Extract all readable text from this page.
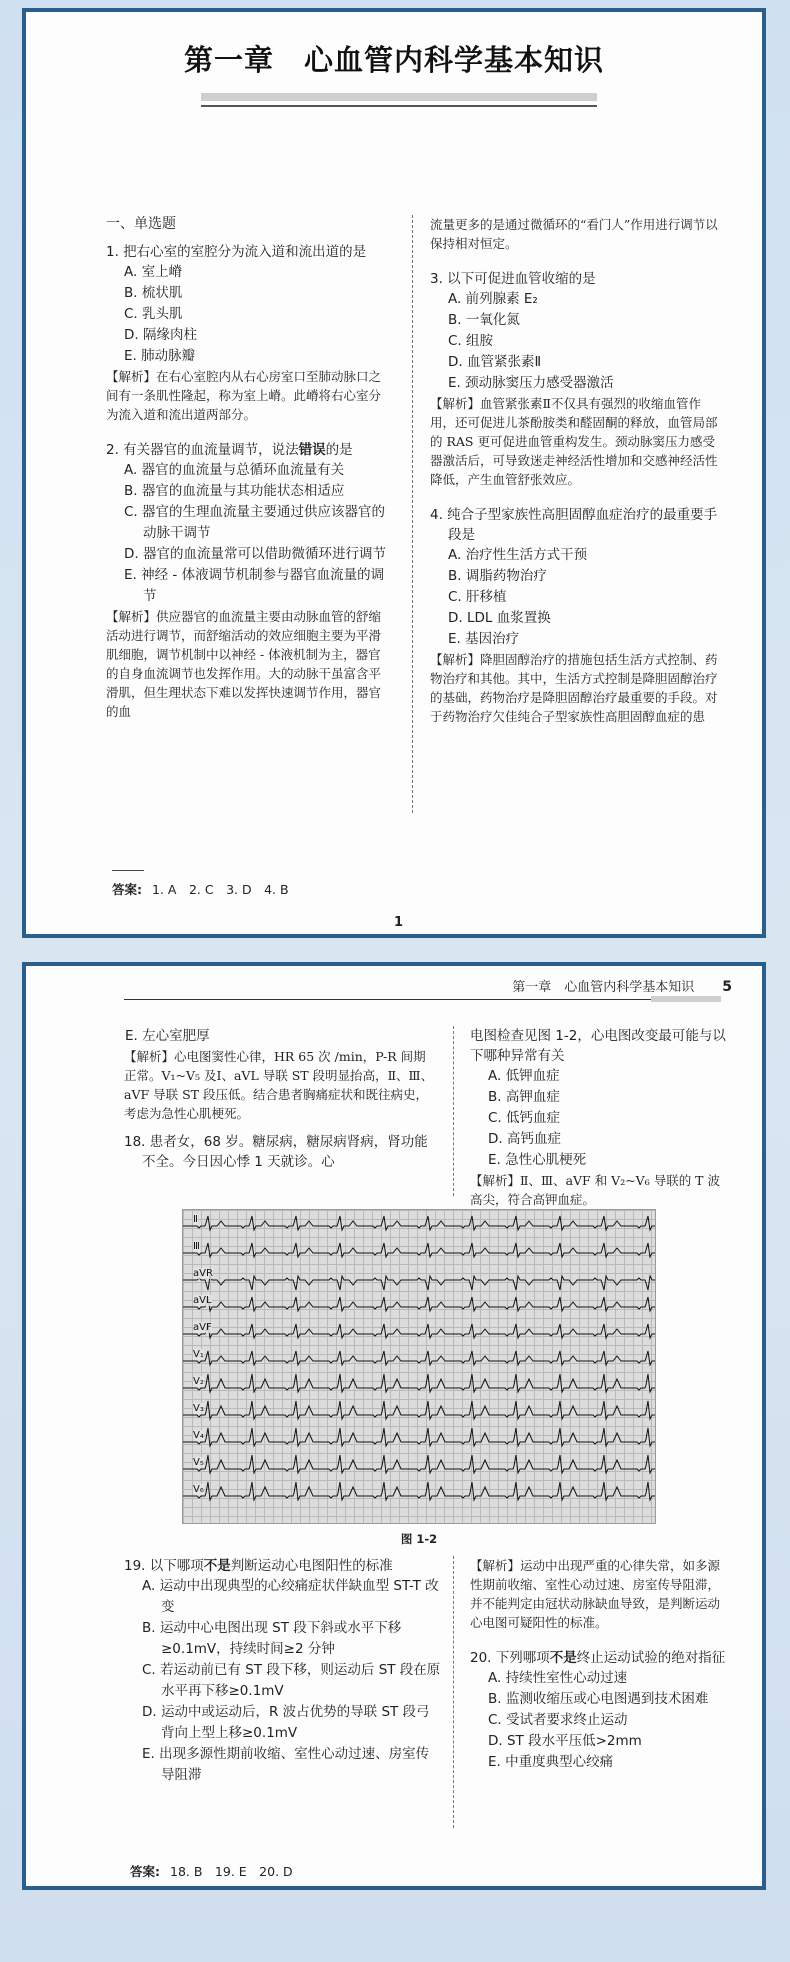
第一章　心血管内科学基本知识

一、单选题

1. 把右心室的室腔分为流入道和流出道的是

A. 室上嵴

B. 梳状肌

C. 乳头肌

D. 隔缘肉柱

E. 肺动脉瓣

【解析】在右心室腔内从右心房室口至肺动脉口之间有一条肌性隆起，称为室上嵴。此嵴将右心室分为流入道和流出道两部分。

2. 有关器官的血流量调节，说法错误的是

A. 器官的血流量与总循环血流量有关

B. 器官的血流量与其功能状态相适应

C. 器官的生理血流量主要通过供应该器官的动脉干调节

D. 器官的血流量常可以借助微循环进行调节

E. 神经 - 体液调节机制参与器官血流量的调节

【解析】供应器官的血流量主要由动脉血管的舒缩活动进行调节，而舒缩活动的效应细胞主要为平滑肌细胞，调节机制中以神经 - 体液机制为主，器官的自身血流调节也发挥作用。大的动脉干虽富含平滑肌，但生理状态下难以发挥快速调节作用，器官的血

流量更多的是通过微循环的“看门人”作用进行调节以保持相对恒定。

3. 以下可促进血管收缩的是

A. 前列腺素 E₂

B. 一氧化氮

C. 组胺

D. 血管紧张素Ⅱ

E. 颈动脉窦压力感受器激活

【解析】血管紧张素Ⅱ不仅具有强烈的收缩血管作用，还可促进儿茶酚胺类和醛固酮的释放，血管局部的 RAS 更可促进血管重构发生。颈动脉窦压力感受器激活后，可导致迷走神经活性增加和交感神经活性降低，产生血管舒张效应。

4. 纯合子型家族性高胆固醇血症治疗的最重要手段是

A. 治疗性生活方式干预

B. 调脂药物治疗

C. 肝移植

D. LDL 血浆置换

E. 基因治疗

【解析】降胆固醇治疗的措施包括生活方式控制、药物治疗和其他。其中，生活方式控制是降胆固醇治疗的基础，药物治疗是降胆固醇治疗最重要的手段。对于药物治疗欠佳纯合子型家族性高胆固醇血症的患

答案: 1. A　2. C　3. D　4. B
1
第一章　心血管内科学基本知识 5

E. 左心室肥厚

【解析】心电图窦性心律，HR 65 次 /min，P-R 间期正常。V₁~V₅ 及Ⅰ、aVL 导联 ST 段明显抬高，Ⅱ、Ⅲ、aVF 导联 ST 段压低。结合患者胸痛症状和既往病史，考虑为急性心肌梗死。

18. 患者女，68 岁。糖尿病，糖尿病肾病，肾功能不全。今日因心悸 1 天就诊。心

电图检查见图 1-2，心电图改变最可能与以下哪种异常有关

A. 低钾血症

B. 高钾血症

C. 低钙血症

D. 高钙血症

E. 急性心肌梗死

【解析】Ⅱ、Ⅲ、aVF 和 V₂~V₆ 导联的 T 波高尖，符合高钾血症。

Ⅱ
Ⅲ
aVR
aVL
aVF
V₁
V₂
V₃
V₄
V₅
V₆
图 1-2

19. 以下哪项不是判断运动心电图阳性的标准

A. 运动中出现典型的心绞痛症状伴缺血型 ST-T 改变

B. 运动中心电图出现 ST 段下斜或水平下移≥0.1mV，持续时间≥2 分钟

C. 若运动前已有 ST 段下移，则运动后 ST 段在原水平再下移≥0.1mV

D. 运动中或运动后，R 波占优势的导联 ST 段弓背向上型上移≥0.1mV

E. 出现多源性期前收缩、室性心动过速、房室传导阻滞

【解析】运动中出现严重的心律失常，如多源性期前收缩、室性心动过速、房室传导阻滞，并不能判定由冠状动脉缺血导致，是判断运动心电图可疑阳性的标准。

20. 下列哪项不是终止运动试验的绝对指征

A. 持续性室性心动过速

B. 监测收缩压或心电图遇到技术困难

C. 受试者要求终止运动

D. ST 段水平压低>2mm

E. 中重度典型心绞痛

答案: 18. B　19. E　20. D
